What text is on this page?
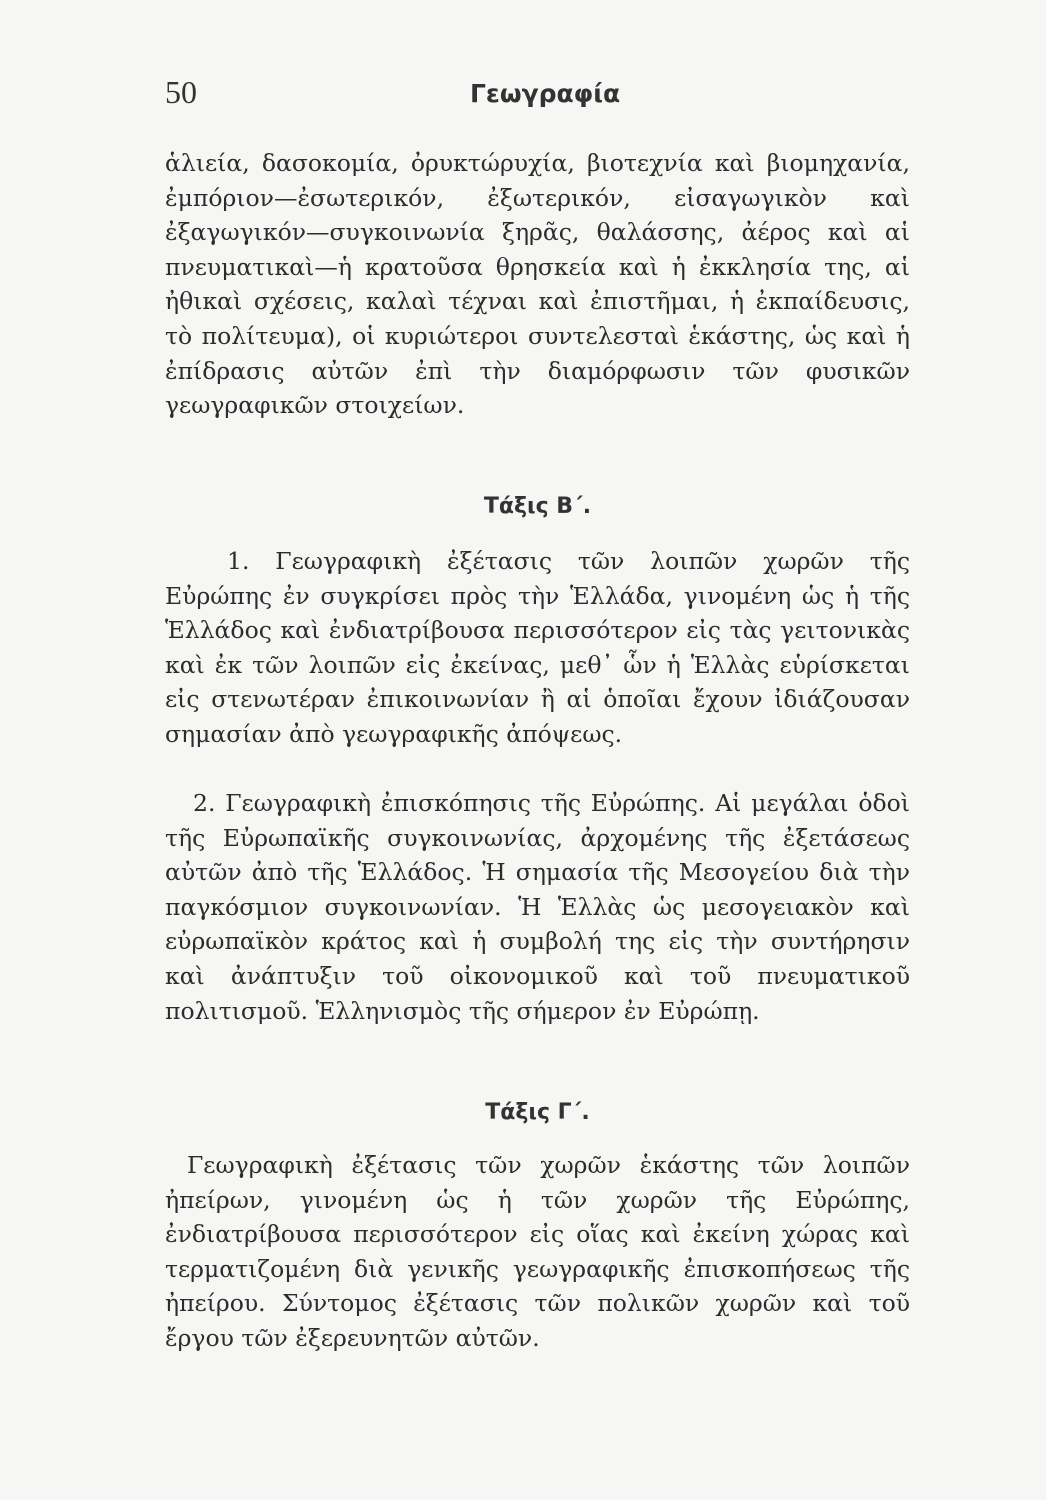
50	Γεωγραφία

ἁλιεία, δασοκομία, ὀρυκτώρυχία, βιοτεχνία καὶ βιομηχανία, ἐμπόριον—ἐσωτερικόν, ἐξωτερικόν, εἰσαγωγικὸν καὶ ἐξαγωγικόν—συγκοινωνία ξηρᾶς, θαλάσσης, ἀέρος καὶ αἱ πνευματικαὶ—ἡ κρατοῦσα θρησκεία καὶ ἡ ἐκκλησία της, αἱ ἠθικαὶ σχέσεις, καλαὶ τέχναι καὶ ἐπιστῆμαι, ἡ ἐκπαίδευσις, τὸ πολίτευμα), οἱ κυριώτεροι συντελεσταὶ ἑκάστης, ὡς καὶ ἡ ἐπίδρασις αὐτῶν ἐπὶ τὴν διαμόρφωσιν τῶν φυσικῶν γεωγραφικῶν στοιχείων.

Τάξις Β΄.

1. Γεωγραφικὴ ἐξέτασις τῶν λοιπῶν χωρῶν τῆς Εὐρώπης ἐν συγκρίσει πρὸς τὴν Ἑλλάδα, γινομένη ὡς ἡ τῆς Ἑλλάδος καὶ ἐνδιατρίβουσα περισσότερον εἰς τὰς γειτονικὰς καὶ ἐκ τῶν λοιπῶν εἰς ἐκείνας, μεθ᾽ ὧν ἡ Ἑλλὰς εὑρίσκεται εἰς στενωτέραν ἐπικοινωνίαν ἢ αἱ ὁποῖαι ἔχουν ἰδιάζουσαν σημασίαν ἀπὸ γεωγραφικῆς ἀπόψεως.

2. Γεωγραφικὴ ἐπισκόπησις τῆς Εὐρώπης. Αἱ μεγάλαι ὁδοὶ τῆς Εὐρωπαϊκῆς συγκοινωνίας, ἀρχομένης τῆς ἐξετάσεως αὐτῶν ἀπὸ τῆς Ἑλλάδος. Ἡ σημασία τῆς Μεσογείου διὰ τὴν παγκόσμιον συγκοινωνίαν. Ἡ Ἑλλὰς ὡς μεσογειακὸν καὶ εὐρωπαϊκὸν κράτος καὶ ἡ συμβολή της εἰς τὴν συντήρησιν καὶ ἀνάπτυξιν τοῦ οἰκονομικοῦ καὶ τοῦ πνευματικοῦ πολιτισμοῦ. Ἑλληνισμὸς τῆς σήμερον ἐν Εὐρώπῃ.

Τάξις Γ΄.

Γεωγραφικὴ ἐξέτασις τῶν χωρῶν ἑκάστης τῶν λοιπῶν ἠπείρων, γινομένη ὡς ἡ τῶν χωρῶν τῆς Εὐρώπης, ἐνδιατρίβουσα περισσότερον εἰς οἵας καὶ ἐκείνη χώρας καὶ τερματιζομένη διὰ γενικῆς γεωγραφικῆς ἐπισκοπήσεως τῆς ἠπείρου. Σύντομος ἐξέτασις τῶν πολικῶν χωρῶν καὶ τοῦ ἔργου τῶν ἐξερευνητῶν αὐτῶν.
